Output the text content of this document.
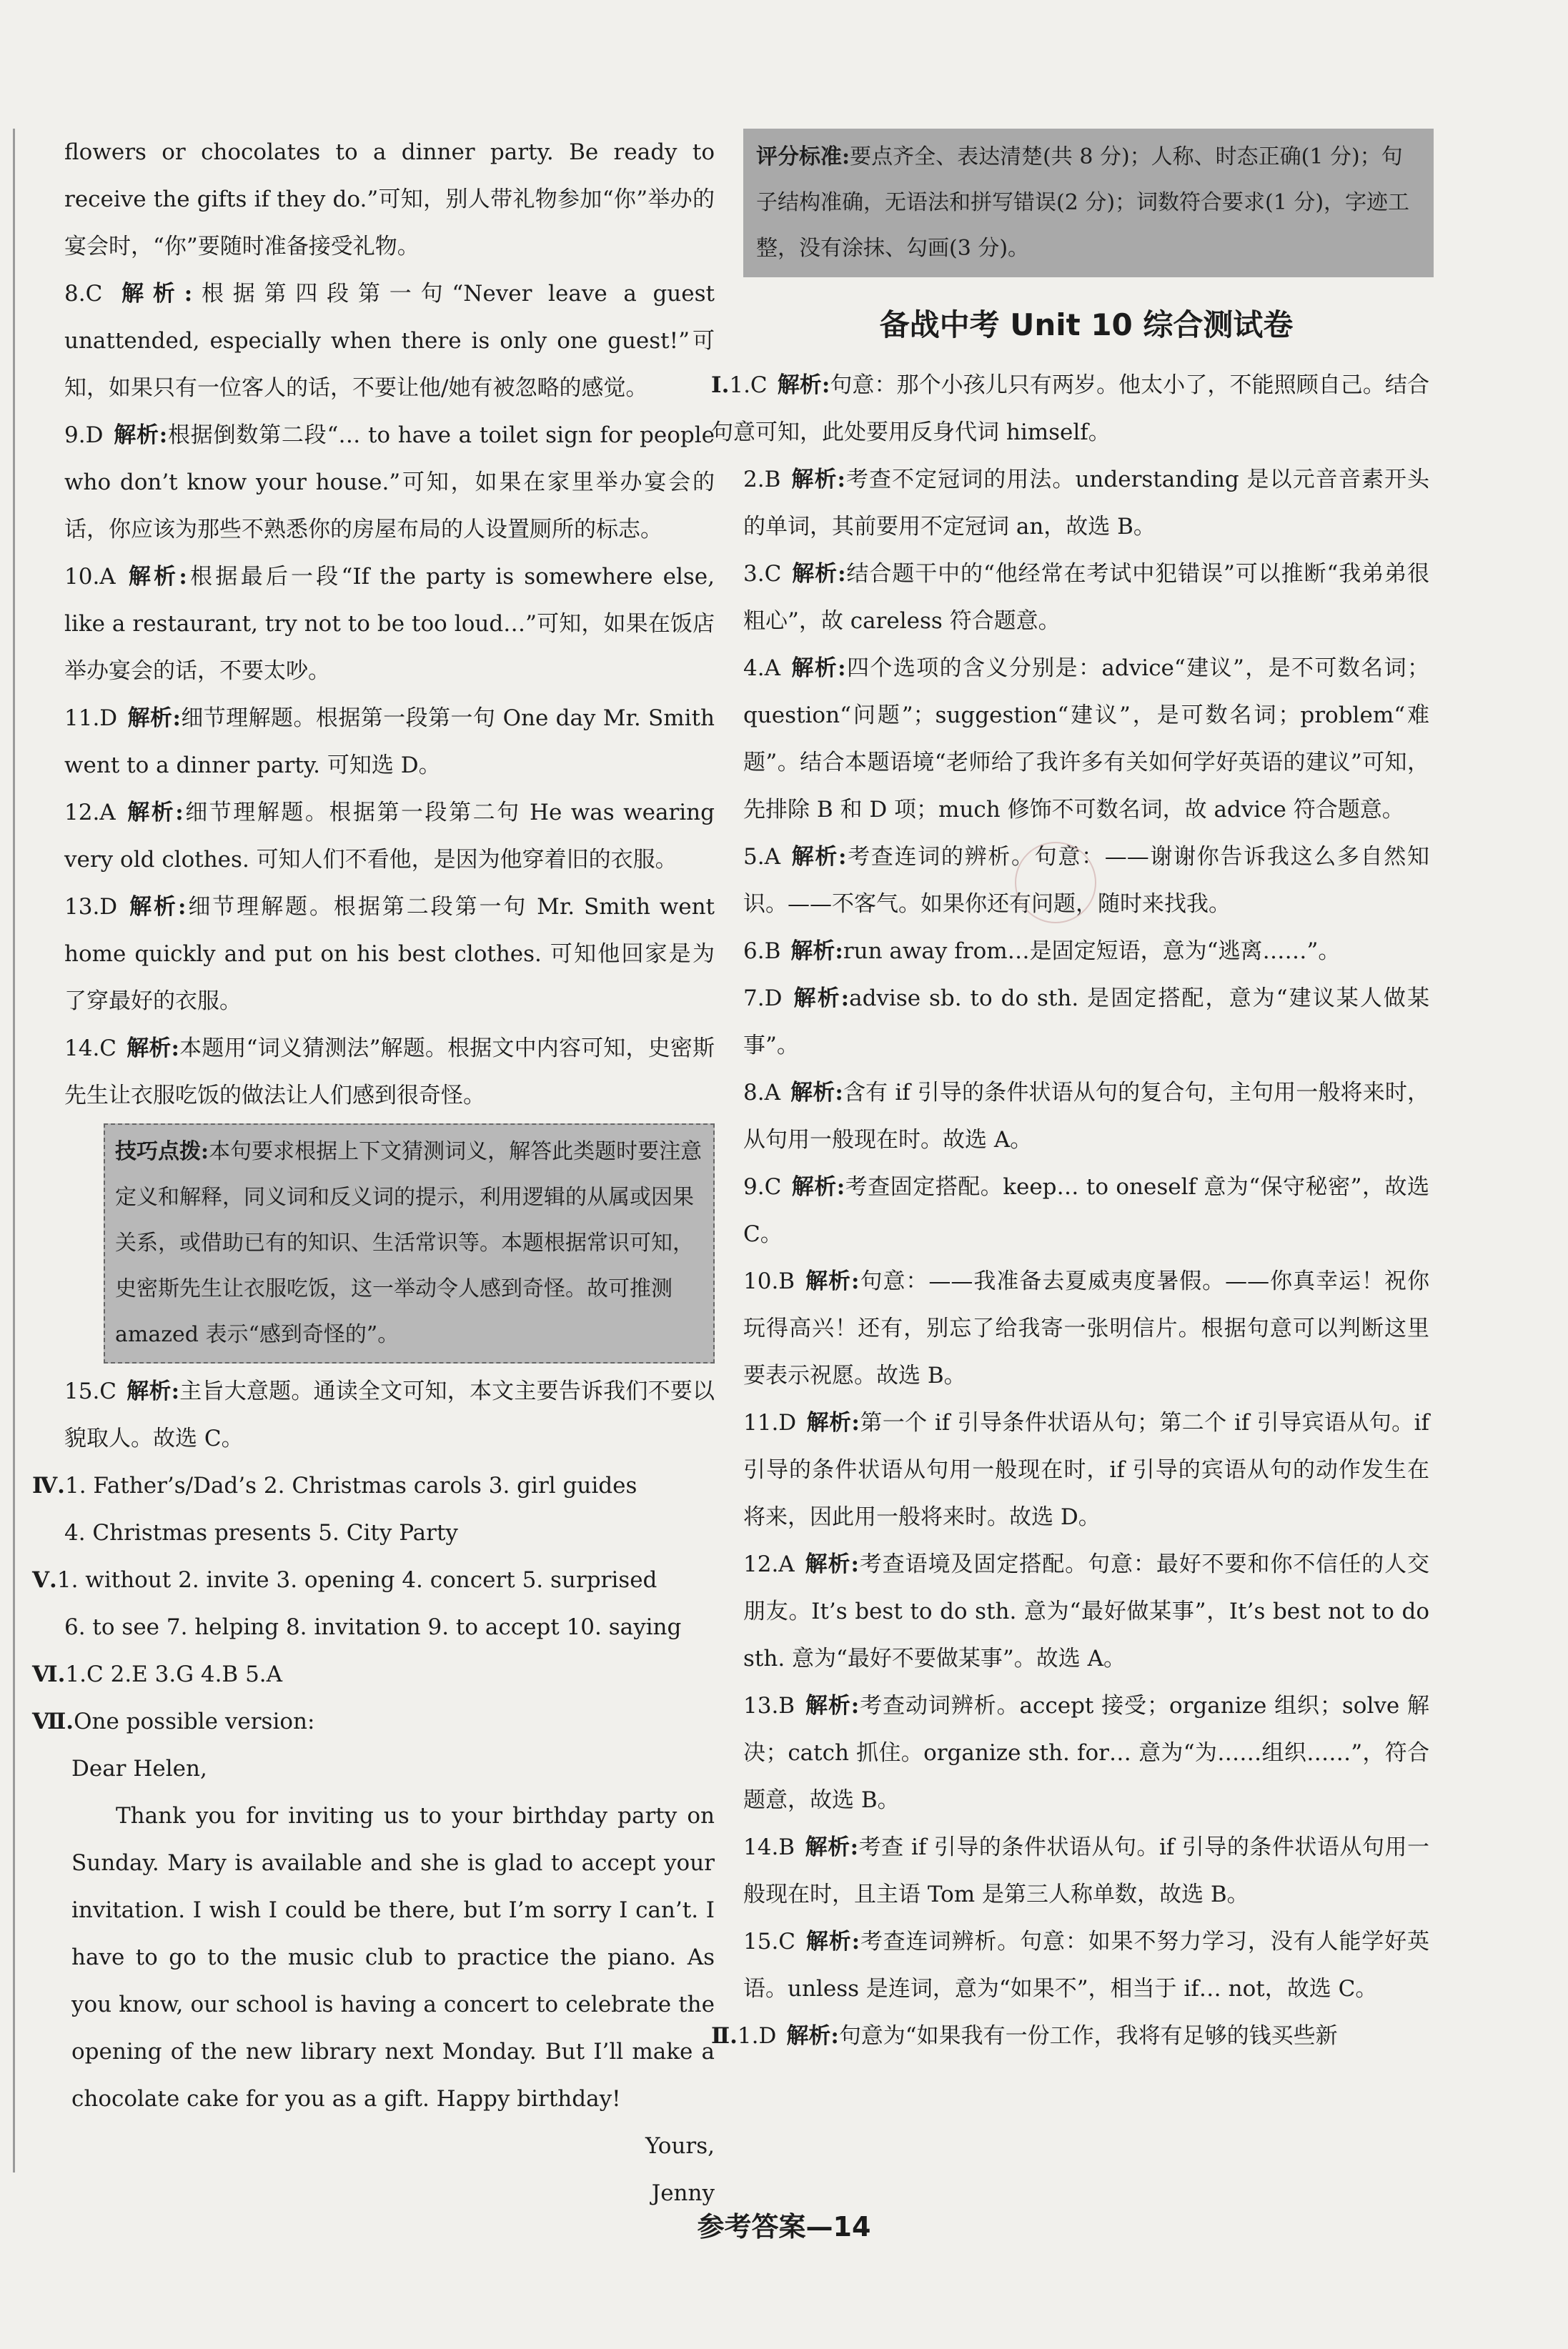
flowers or chocolates to a dinner party. Be ready to receive the gifts if they do.”可知，别人带礼物参加“你”举办的宴会时，“你”要随时准备接受礼物。

8.C 解析:根据第四段第一句“Never leave a guest unattended, especially when there is only one guest!”可知，如果只有一位客人的话，不要让他/她有被忽略的感觉。

9.D 解析:根据倒数第二段“… to have a toilet sign for people who don’t know your house.”可知，如果在家里举办宴会的话，你应该为那些不熟悉你的房屋布局的人设置厕所的标志。

10.A 解析:根据最后一段“If the party is somewhere else, like a restaurant, try not to be too loud…”可知，如果在饭店举办宴会的话，不要太吵。

11.D 解析:细节理解题。根据第一段第一句 One day Mr. Smith went to a dinner party. 可知选 D。

12.A 解析:细节理解题。根据第一段第二句 He was wearing very old clothes. 可知人们不看他，是因为他穿着旧的衣服。

13.D 解析:细节理解题。根据第二段第一句 Mr. Smith went home quickly and put on his best clothes. 可知他回家是为了穿最好的衣服。

14.C 解析:本题用“词义猜测法”解题。根据文中内容可知，史密斯先生让衣服吃饭的做法让人们感到很奇怪。

技巧点拨:本句要求根据上下文猜测词义，解答此类题时要注意定义和解释，同义词和反义词的提示，利用逻辑的从属或因果关系，或借助已有的知识、生活常识等。本题根据常识可知，史密斯先生让衣服吃饭，这一举动令人感到奇怪。故可推测 amazed 表示“感到奇怪的”。

15.C 解析:主旨大意题。通读全文可知，本文主要告诉我们不要以貌取人。故选 C。

Ⅳ.1. Father’s/Dad’s 2. Christmas carols 3. girl guides

4. Christmas presents 5. City Party

Ⅴ.1. without 2. invite 3. opening 4. concert 5. surprised

6. to see 7. helping 8. invitation 9. to accept 10. saying

Ⅵ.1.C 2.E 3.G 4.B 5.A

Ⅶ.One possible version:

Dear Helen,

Thank you for inviting us to your birthday party on Sunday. Mary is available and she is glad to accept your invitation. I wish I could be there, but I’m sorry I can’t. I have to go to the music club to practice the piano. As you know, our school is having a concert to celebrate the opening of the new library next Monday. But I’ll make a chocolate cake for you as a gift. Happy birthday!

Yours,

Jenny

评分标准:要点齐全、表达清楚(共 8 分)；人称、时态正确(1 分)；句子结构准确，无语法和拼写错误(2 分)；词数符合要求(1 分)，字迹工整，没有涂抹、勾画(3 分)。
备战中考 Unit 10 综合测试卷

Ⅰ.1.C 解析:句意：那个小孩儿只有两岁。他太小了，不能照顾自己。结合句意可知，此处要用反身代词 himself。

2.B 解析:考查不定冠词的用法。understanding 是以元音音素开头的单词，其前要用不定冠词 an，故选 B。

3.C 解析:结合题干中的“他经常在考试中犯错误”可以推断“我弟弟很粗心”，故 careless 符合题意。

4.A 解析:四个选项的含义分别是：advice“建议”，是不可数名词；question“问题”；suggestion“建议”，是可数名词；problem“难题”。结合本题语境“老师给了我许多有关如何学好英语的建议”可知，先排除 B 和 D 项；much 修饰不可数名词，故 advice 符合题意。

5.A 解析:考查连词的辨析。句意：——谢谢你告诉我这么多自然知识。——不客气。如果你还有问题，随时来找我。

6.B 解析:run away from…是固定短语，意为“逃离……”。

7.D 解析:advise sb. to do sth. 是固定搭配，意为“建议某人做某事”。

8.A 解析:含有 if 引导的条件状语从句的复合句，主句用一般将来时，从句用一般现在时。故选 A。

9.C 解析:考查固定搭配。keep… to oneself 意为“保守秘密”，故选 C。

10.B 解析:句意：——我准备去夏威夷度暑假。——你真幸运！祝你玩得高兴！还有，别忘了给我寄一张明信片。根据句意可以判断这里要表示祝愿。故选 B。

11.D 解析:第一个 if 引导条件状语从句；第二个 if 引导宾语从句。if 引导的条件状语从句用一般现在时，if 引导的宾语从句的动作发生在将来，因此用一般将来时。故选 D。

12.A 解析:考查语境及固定搭配。句意：最好不要和你不信任的人交朋友。It’s best to do sth. 意为“最好做某事”，It’s best not to do sth. 意为“最好不要做某事”。故选 A。

13.B 解析:考查动词辨析。accept 接受；organize 组织；solve 解决；catch 抓住。organize sth. for… 意为“为……组织……”，符合题意，故选 B。

14.B 解析:考查 if 引导的条件状语从句。if 引导的条件状语从句用一般现在时，且主语 Tom 是第三人称单数，故选 B。

15.C 解析:考查连词辨析。句意：如果不努力学习，没有人能学好英语。unless 是连词，意为“如果不”，相当于 if… not，故选 C。

Ⅱ.1.D 解析:句意为“如果我有一份工作，我将有足够的钱买些新

参考答案—14
